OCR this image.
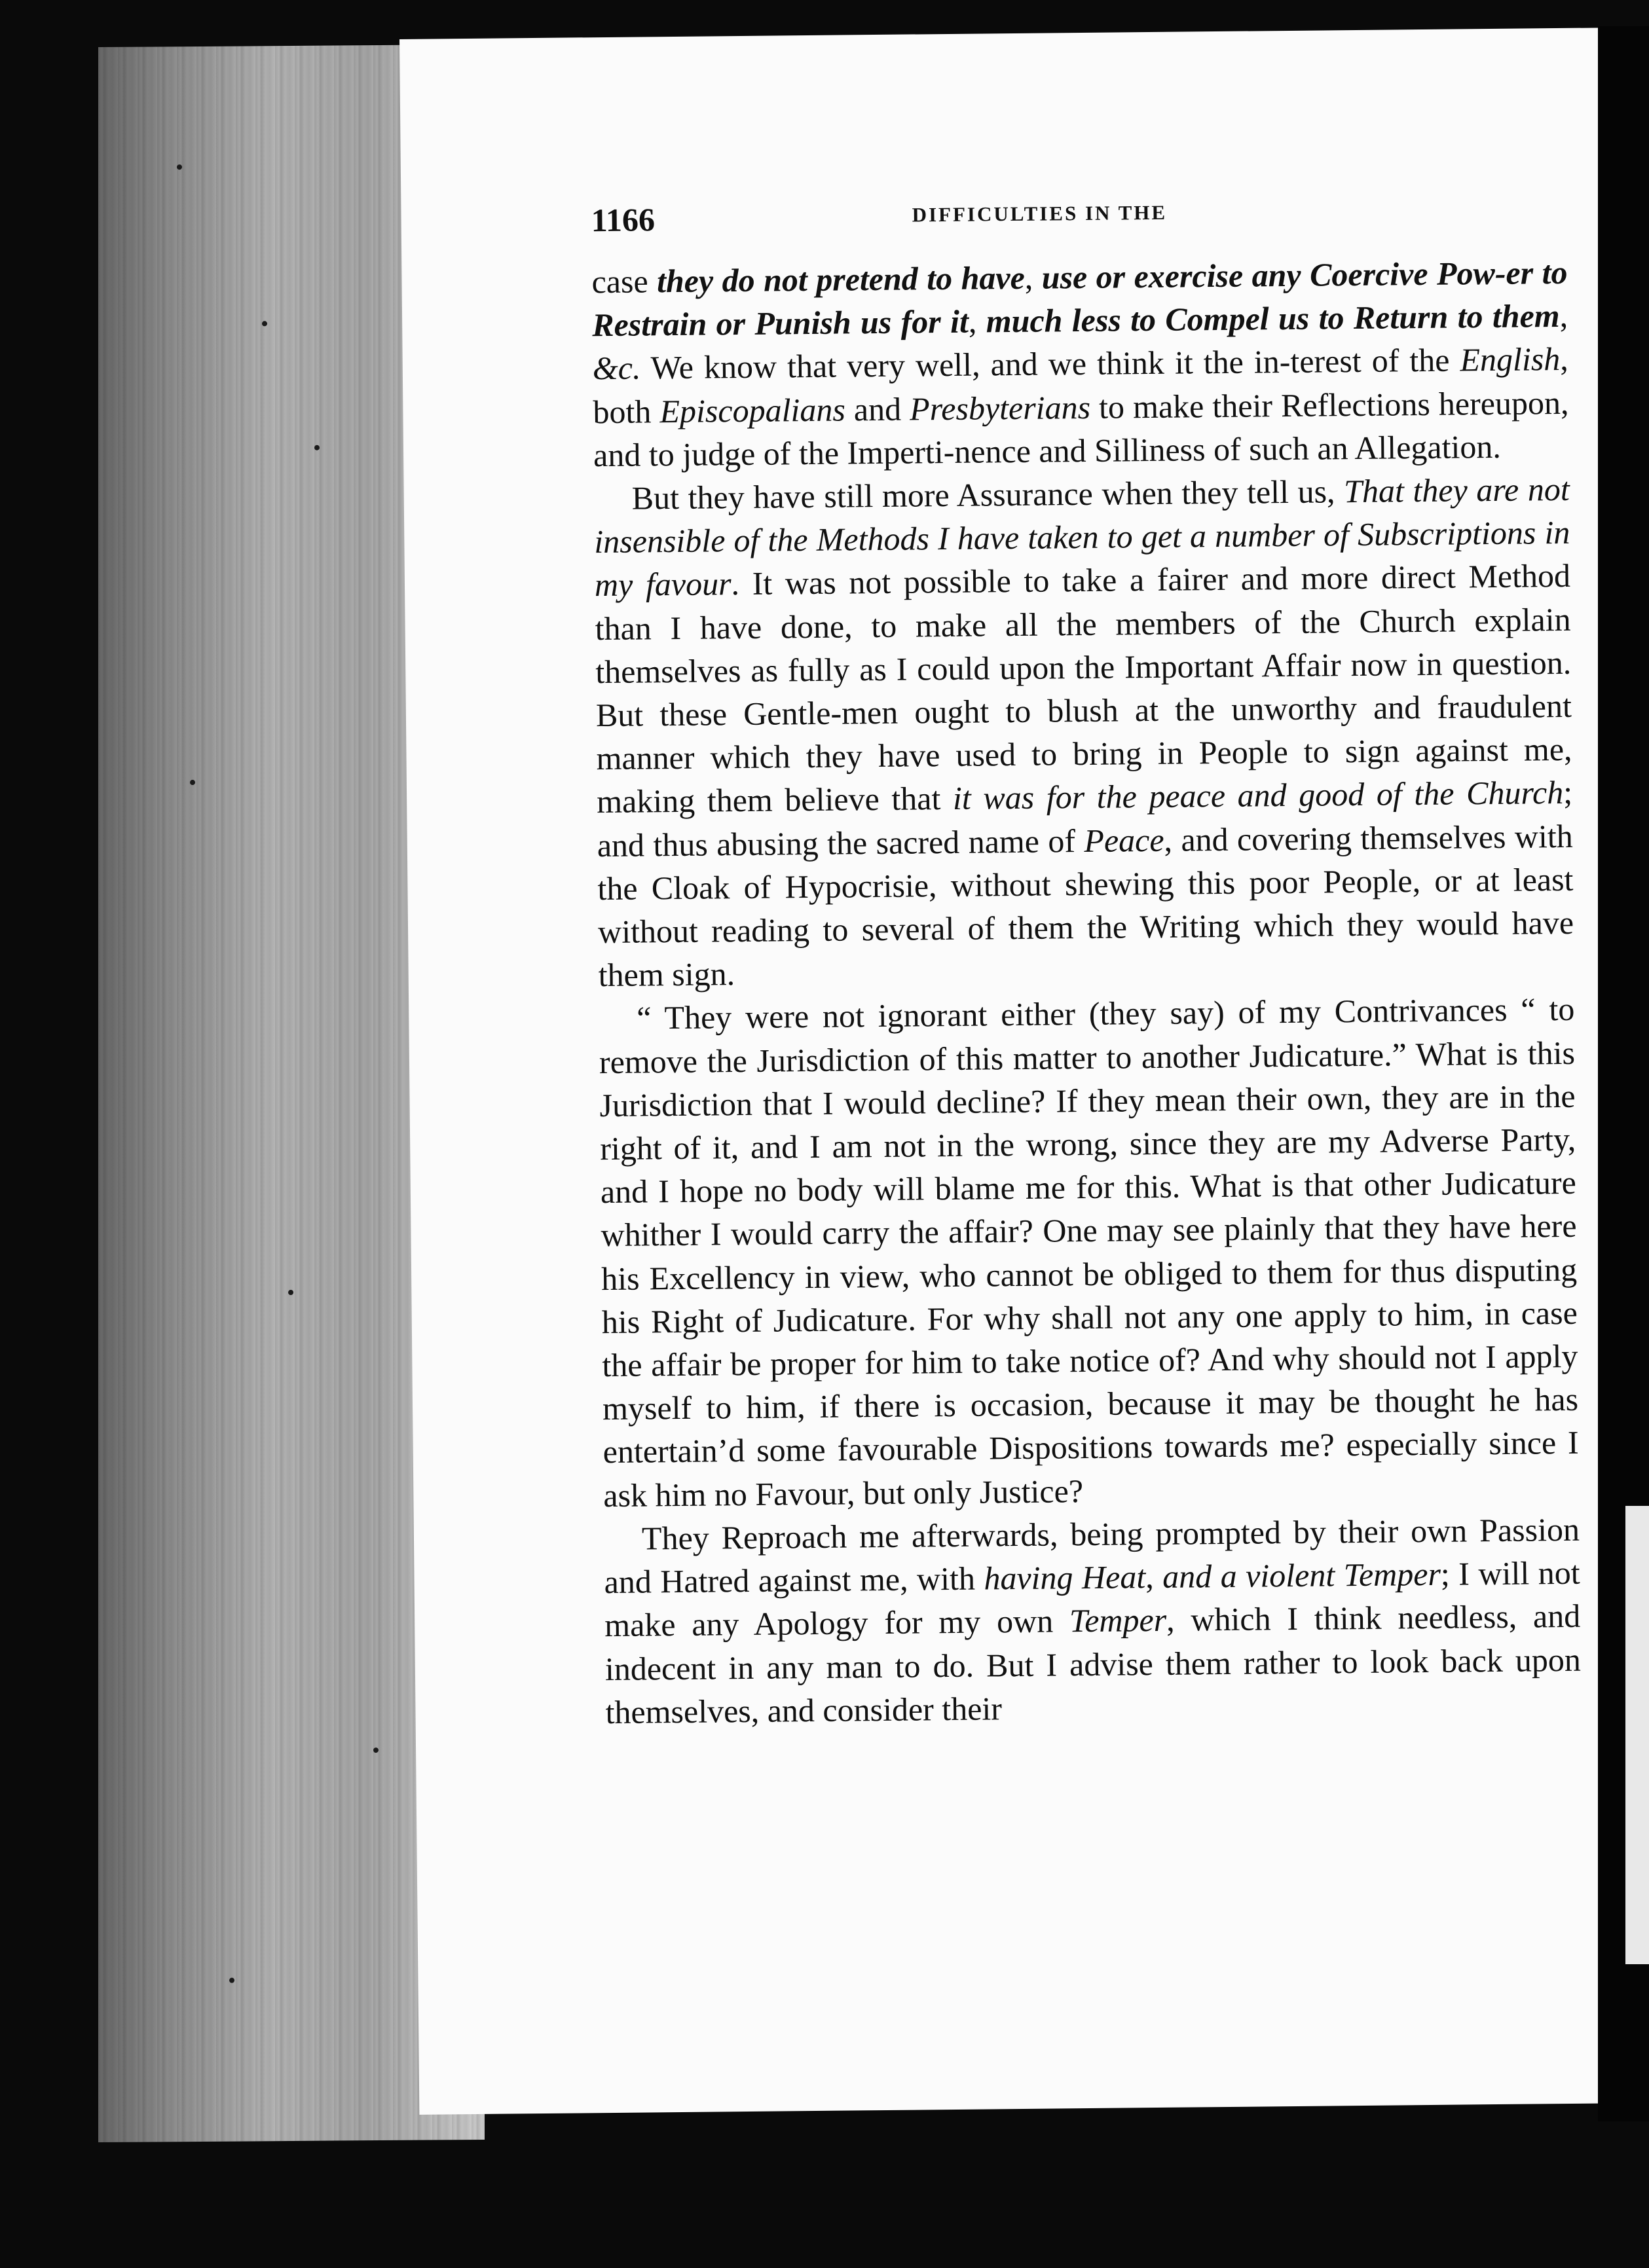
1166	DIFFICULTIES IN THE

case they do not pretend to have, use or exercise any Coercive Pow-er to Restrain or Punish us for it, much less to Compel us to Return to them, &c. We know that very well, and we think it the in-terest of the English, both Episcopalians and Presbyterians to make their Reflections hereupon, and to judge of the Imperti-nence and Silliness of such an Allegation.

But they have still more Assurance when they tell us, That they are not insensible of the Methods I have taken to get a number of Subscriptions in my favour. It was not possible to take a fairer and more direct Method than I have done, to make all the members of the Church explain themselves as fully as I could upon the Important Affair now in question. But these Gentle-men ought to blush at the unworthy and fraudulent manner which they have used to bring in People to sign against me, making them believe that it was for the peace and good of the Church; and thus abusing the sacred name of Peace, and covering themselves with the Cloak of Hypocrisie, without shewing this poor People, or at least without reading to several of them the Writing which they would have them sign.

“ They were not ignorant either (they say) of my Contrivances “ to remove the Jurisdiction of this matter to another Judicature.” What is this Jurisdiction that I would decline? If they mean their own, they are in the right of it, and I am not in the wrong, since they are my Adverse Party, and I hope no body will blame me for this. What is that other Judicature whither I would carry the affair? One may see plainly that they have here his Excellency in view, who cannot be obliged to them for thus disputing his Right of Judicature. For why shall not any one apply to him, in case the affair be proper for him to take notice of? And why should not I apply myself to him, if there is occasion, because it may be thought he has entertain’d some favourable Dispositions towards me? especially since I ask him no Favour, but only Justice?

They Reproach me afterwards, being prompted by their own Passion and Hatred against me, with having Heat, and a violent Temper; I will not make any Apology for my own Temper, which I think needless, and indecent in any man to do. But I advise them rather to look back upon themselves, and consider their
